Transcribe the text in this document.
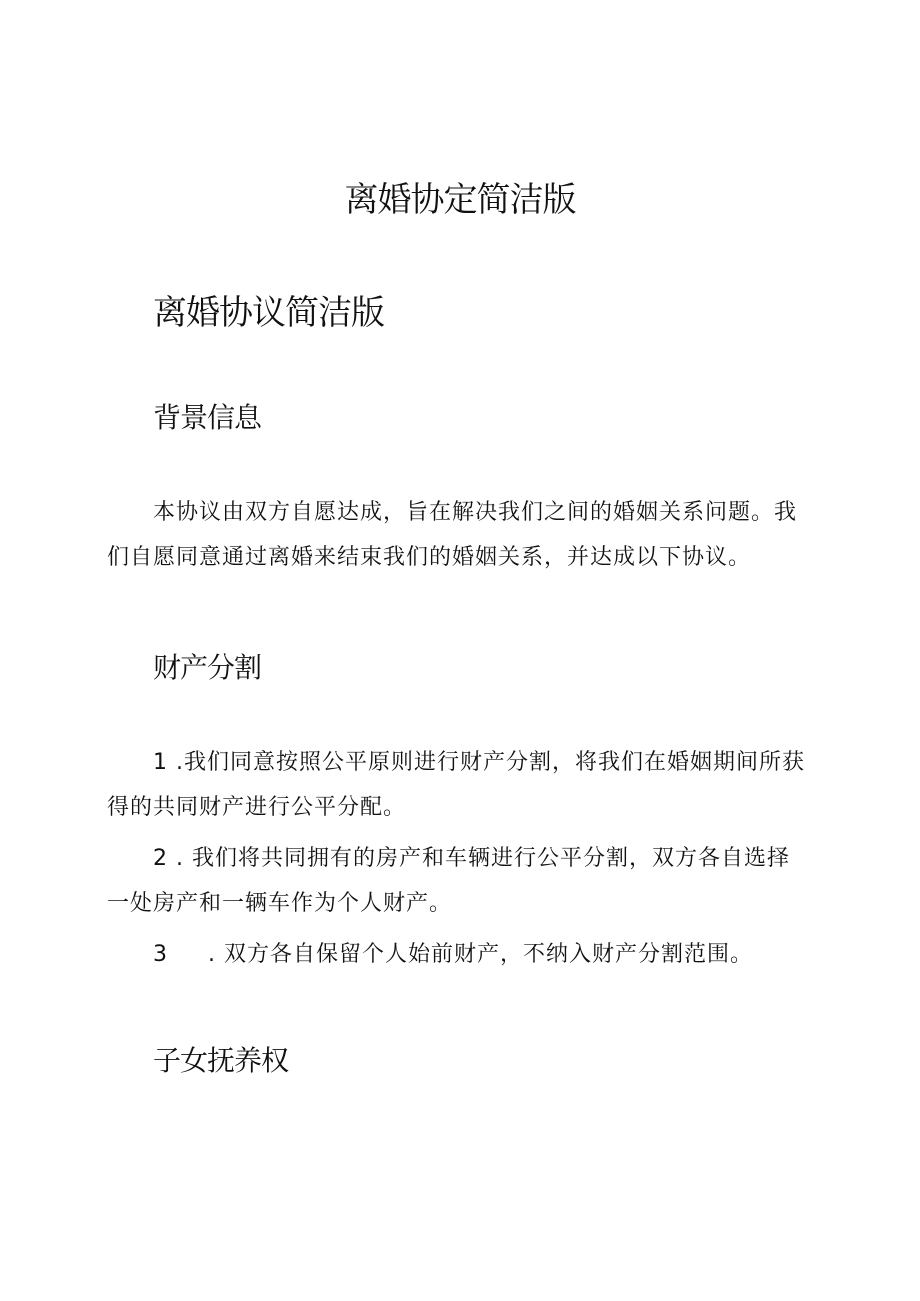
离婚协定简洁版
离婚协议简洁版
背景信息

本协议由双方自愿达成，旨在解决我们之间的婚姻关系问题。我们自愿同意通过离婚来结束我们的婚姻关系，并达成以下协议。

财产分割

1 .我们同意按照公平原则进行财产分割，将我们在婚姻期间所获得的共同财产进行公平分配。

2 . 我们将共同拥有的房产和车辆进行公平分割，双方各自选择一处房产和一辆车作为个人财产。

3 . 双方各自保留个人始前财产，不纳入财产分割范围。

子女抚养权
